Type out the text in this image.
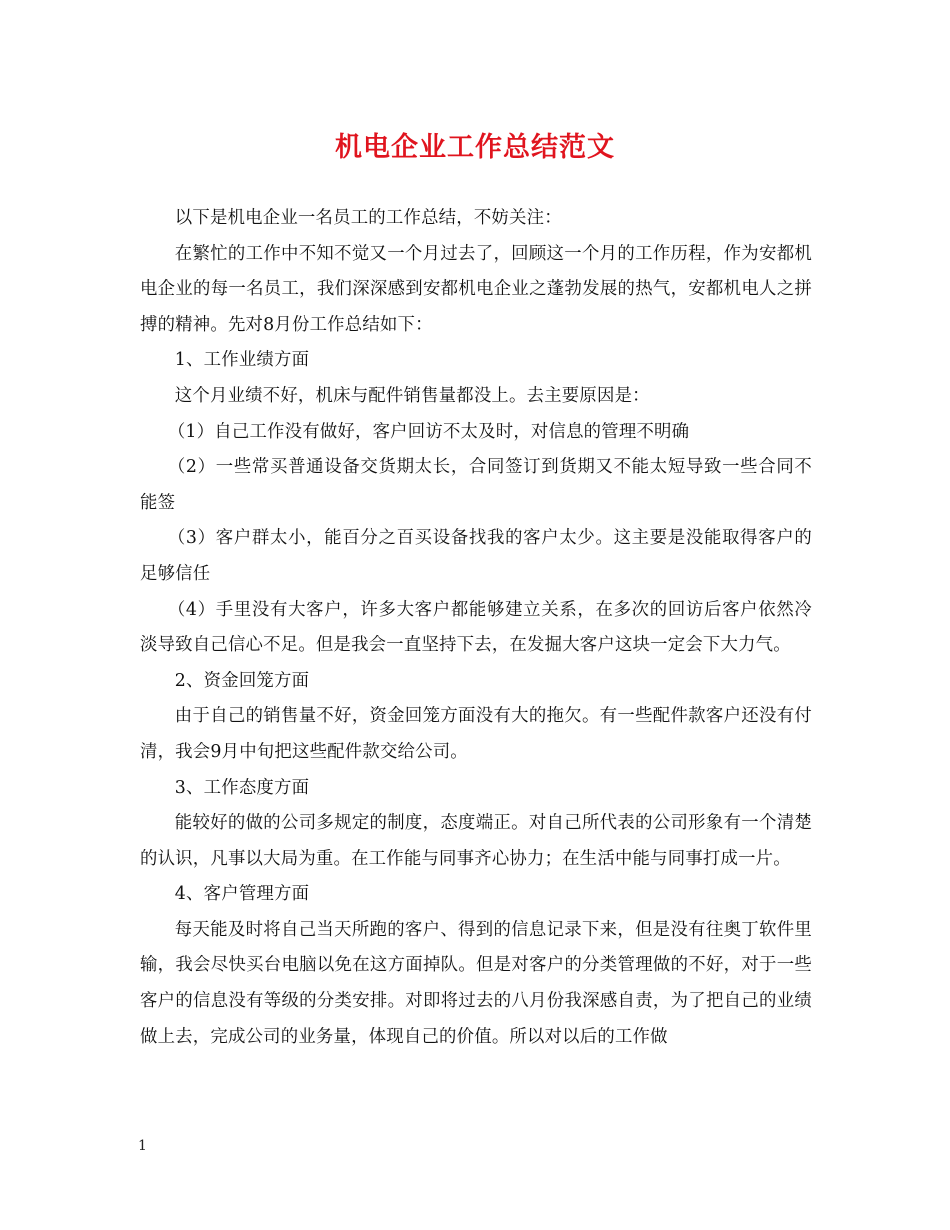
机电企业工作总结范文

以下是机电企业一名员工的工作总结，不妨关注：

在繁忙的工作中不知不觉又一个月过去了，回顾这一个月的工作历程，作为安都机电企业的每一名员工，我们深深感到安都机电企业之蓬勃发展的热气，安都机电人之拼搏的精神。先对8月份工作总结如下：

1、工作业绩方面

这个月业绩不好，机床与配件销售量都没上。去主要原因是：

（1）自己工作没有做好，客户回访不太及时，对信息的管理不明确

（2）一些常买普通设备交货期太长，合同签订到货期又不能太短导致一些合同不能签

（3）客户群太小，能百分之百买设备找我的客户太少。这主要是没能取得客户的足够信任

（4）手里没有大客户，许多大客户都能够建立关系，在多次的回访后客户依然冷淡导致自己信心不足。但是我会一直坚持下去，在发掘大客户这块一定会下大力气。

2、资金回笼方面

由于自己的销售量不好，资金回笼方面没有大的拖欠。有一些配件款客户还没有付清，我会9月中旬把这些配件款交给公司。

3、工作态度方面

能较好的做的公司多规定的制度，态度端正。对自己所代表的公司形象有一个清楚的认识，凡事以大局为重。在工作能与同事齐心协力；在生活中能与同事打成一片。

4、客户管理方面

每天能及时将自己当天所跑的客户、得到的信息记录下来，但是没有往奥丁软件里输，我会尽快买台电脑以免在这方面掉队。但是对客户的分类管理做的不好，对于一些客户的信息没有等级的分类安排。对即将过去的八月份我深感自责，为了把自己的业绩做上去，完成公司的业务量，体现自己的价值。所以对以后的工作做

1
